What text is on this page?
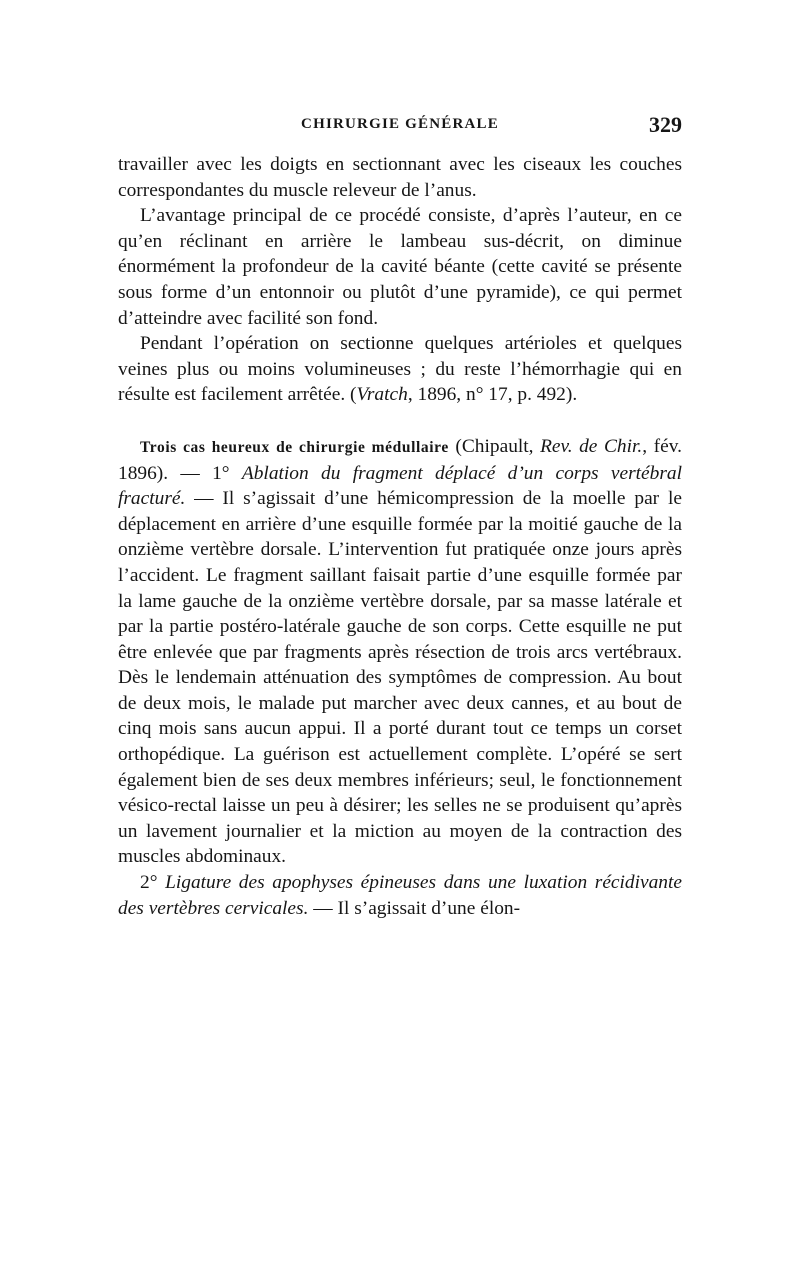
CHIRURGIE GÉNÉRALE	329

travailler avec les doigts en sectionnant avec les ciseaux les couches correspondantes du muscle releveur de l’anus.

L’avantage principal de ce procédé consiste, d’après l’auteur, en ce qu’en réclinant en arrière le lambeau sus-décrit, on diminue énormément la profondeur de la cavité béante (cette cavité se présente sous forme d’un entonnoir ou plutôt d’une pyramide), ce qui permet d’atteindre avec facilité son fond.

Pendant l’opération on sectionne quelques artérioles et quelques veines plus ou moins volumineuses ; du reste l’hémorrhagie qui en résulte est facilement arrêtée. (Vratch, 1896, n° 17, p. 492).

Trois cas heureux de chirurgie médullaire (Chipault, Rev. de Chir., fév. 1896). — 1° Ablation du fragment déplacé d’un corps vertébral fracturé. — Il s’agissait d’une hémicompression de la moelle par le déplacement en arrière d’une esquille formée par la moitié gauche de la onzième vertèbre dorsale. L’intervention fut pratiquée onze jours après l’accident. Le fragment saillant faisait partie d’une esquille formée par la lame gauche de la onzième vertèbre dorsale, par sa masse latérale et par la partie postéro-latérale gauche de son corps. Cette esquille ne put être enlevée que par fragments après résection de trois arcs vertébraux. Dès le lendemain atténuation des symptômes de compression. Au bout de deux mois, le malade put marcher avec deux cannes, et au bout de cinq mois sans aucun appui. Il a porté durant tout ce temps un corset orthopédique. La guérison est actuellement complète. L’opéré se sert également bien de ses deux membres inférieurs; seul, le fonctionnement vésico-rectal laisse un peu à désirer; les selles ne se produisent qu’après un lavement journalier et la miction au moyen de la contraction des muscles abdominaux.

2° Ligature des apophyses épineuses dans une luxation récidivante des vertèbres cervicales. — Il s’agissait d’une élon-
